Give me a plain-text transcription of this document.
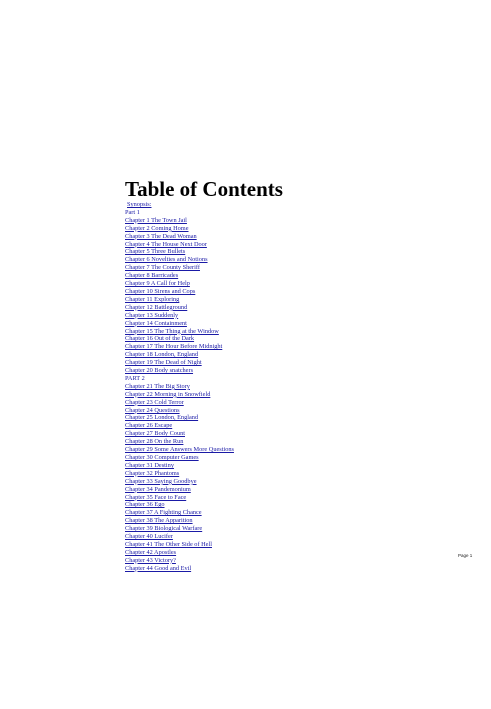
Table of Contents
Synopsis:
Part 1
Chapter 1 The Town Jail
Chapter 2 Coming Home
Chapter 3 The Dead Woman
Chapter 4 The House Next Door
Chapter 5 Three Bullets
Chapter 6 Novelties and Notions
Chapter 7 The County Sheriff
Chapter 8 Barricades
Chapter 9 A Call for Help
Chapter 10 Sirens and Cops
Chapter 11 Exploring
Chapter 12 Battleground
Chapter 13 Suddenly
Chapter 14 Containment
Chapter 15 The Thing at the Window
Chapter 16 Out of the Dark
Chapter 17 The Hour Before Midnight
Chapter 18 London, England
Chapter 19 The Dead of Night
Chapter 20 Body snatchers
PART 2
Chapter 21 The Big Story
Chapter 22 Morning in Snowfield
Chapter 23 Cold Terror
Chapter 24 Questions
Chapter 25 London, England
Chapter 26 Escape
Chapter 27 Body Count
Chapter 28 On the Run
Chapter 29 Some Answers More Questions
Chapter 30 Computer Games
Chapter 31 Destiny
Chapter 32 Phantoms
Chapter 33 Saying Goodbye
Chapter 34 Pandemonium
Chapter 35 Face to Face
Chapter 36 Ego
Chapter 37 A Fighting Chance
Chapter 38 The Apparition
Chapter 39 Biological Warfare
Chapter 40 Lucifer
Chapter 41 The Other Side of Hell
Chapter 42 Apostles
Chapter 43 Victory?
Chapter 44 Good and Evil
Page 1
